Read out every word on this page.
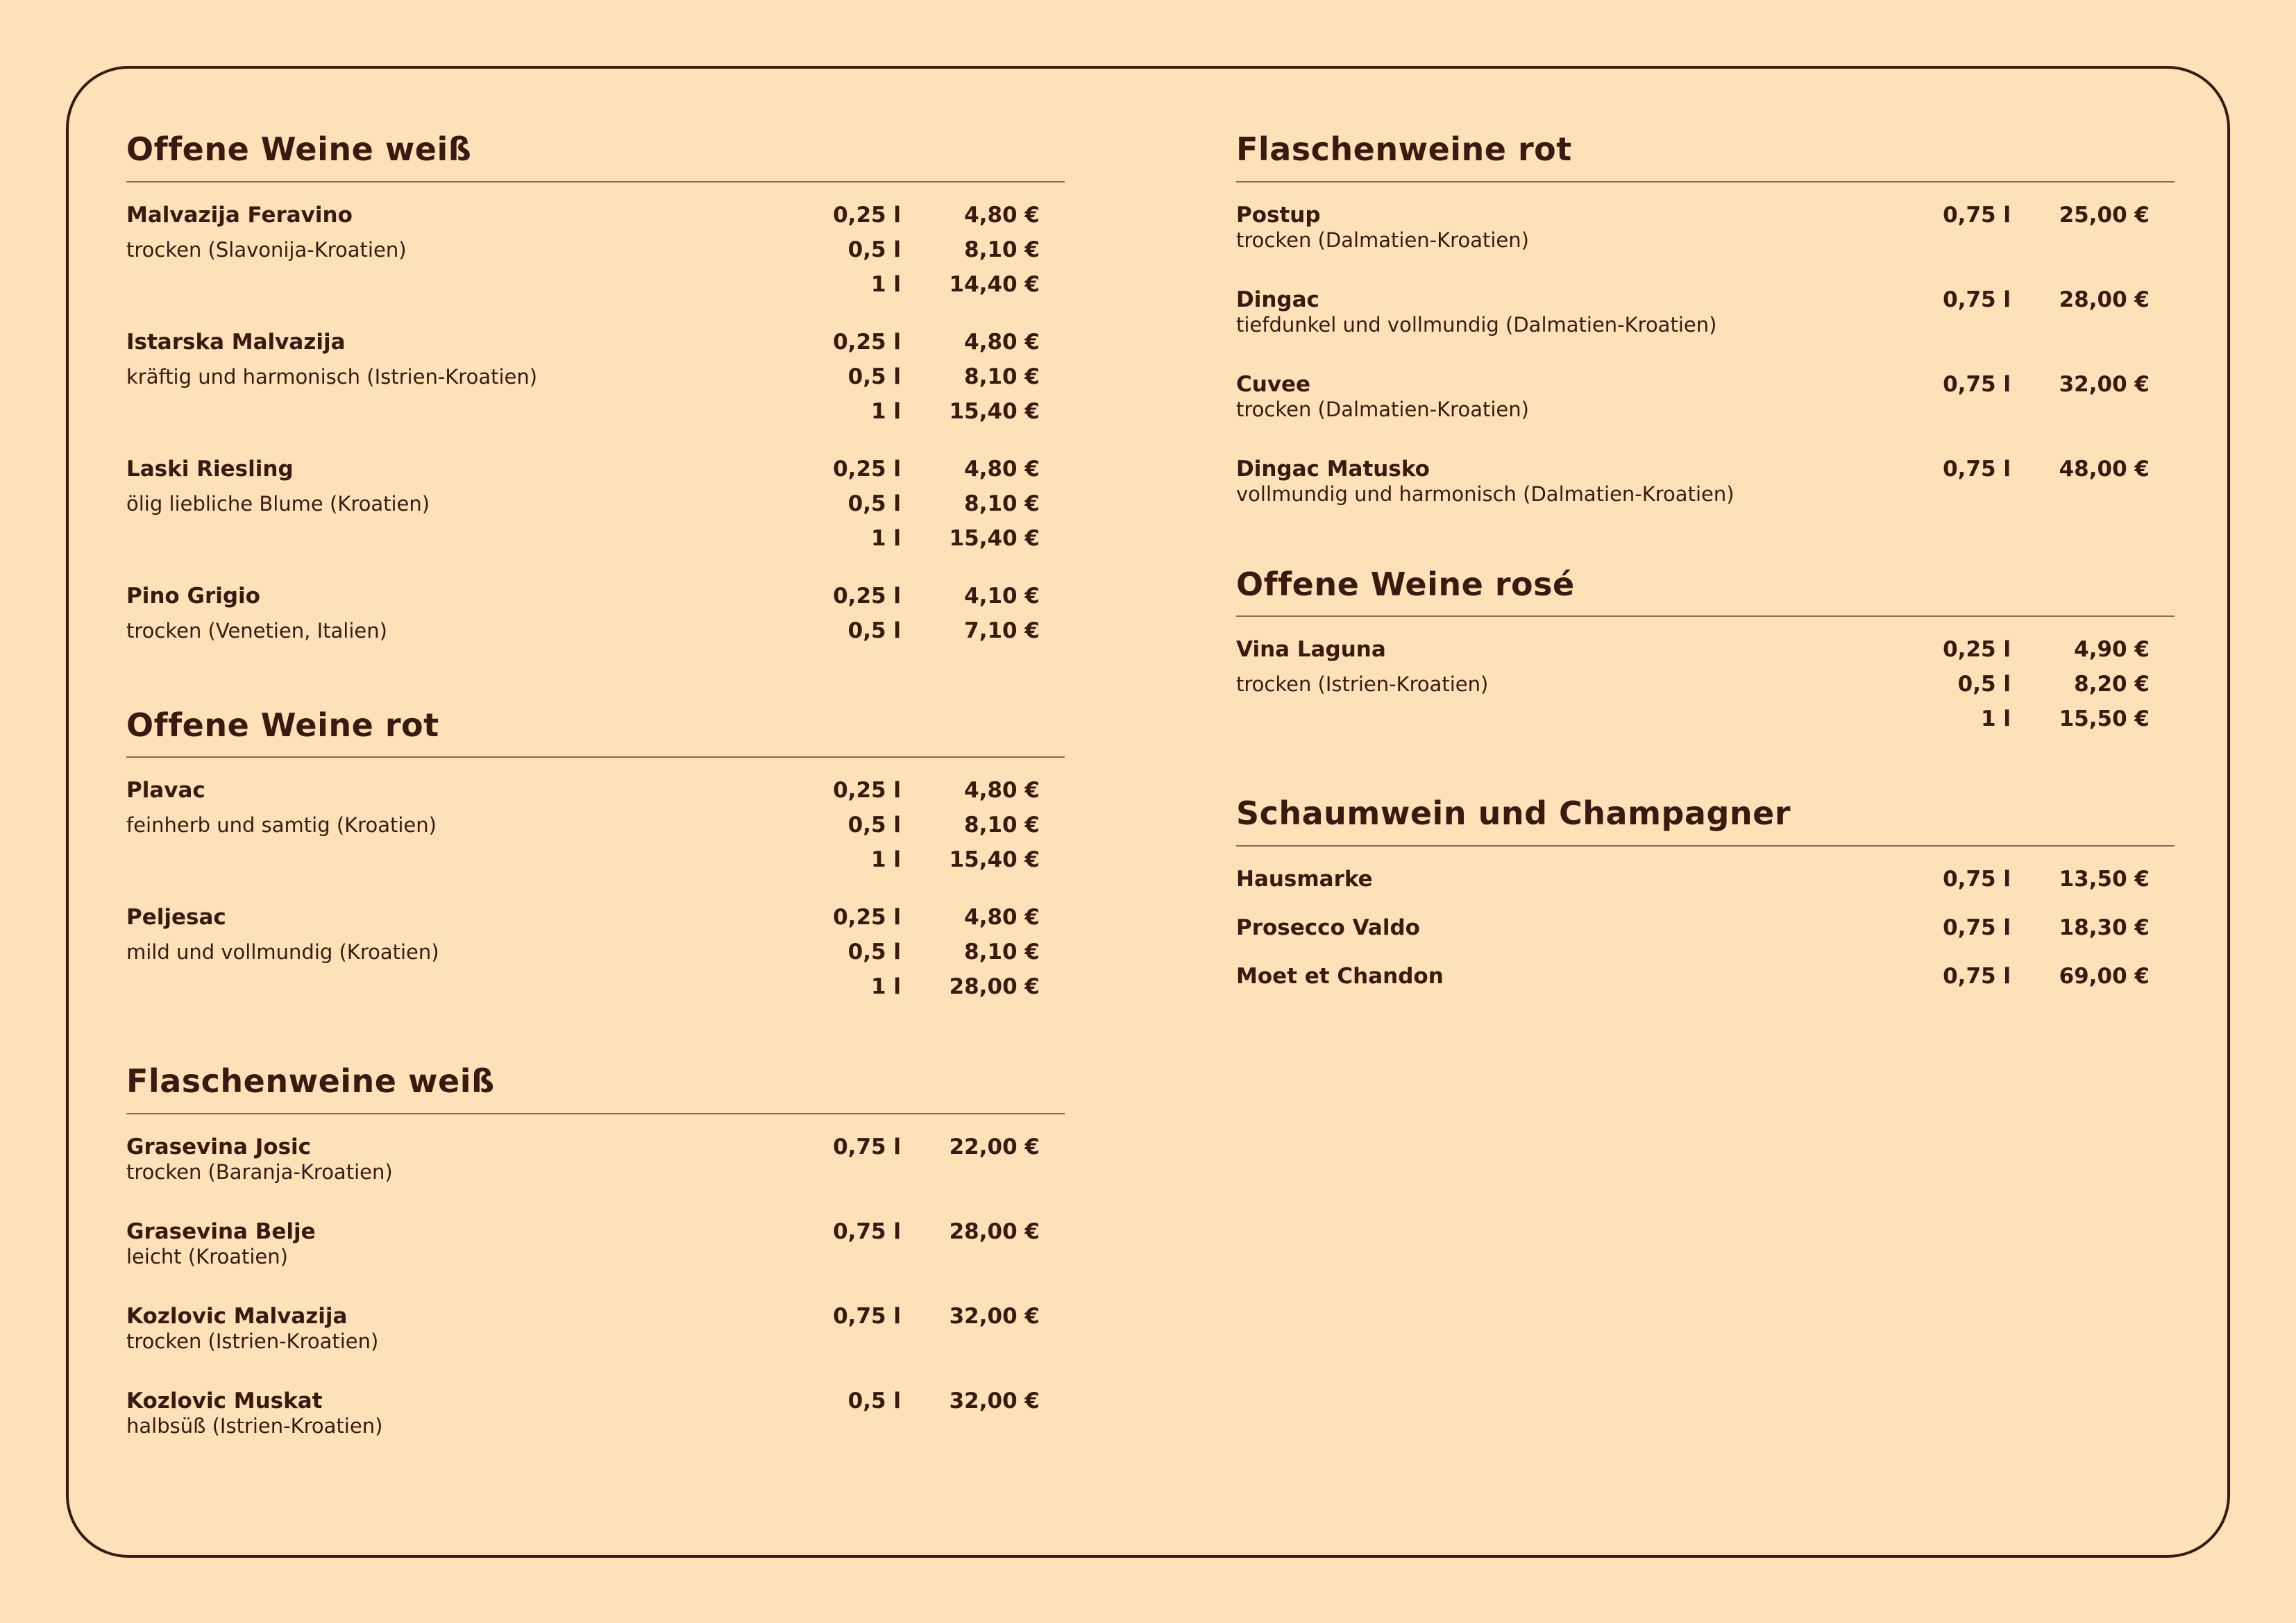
Offene Weine weiß
Malvazija Feravino
trocken (Slavonija-Kroatien)
0,25 l	4,80 €
0,5 l	8,10 €
1 l 14,40 €
Istarska Malvazija
kräftig und harmonisch (Istrien-Kroatien)
0,25 l	4,80 €
0,5 l	8,10 €
1 l 15,40 €
Laski Riesling
ölig liebliche Blume (Kroatien)
0,25 l	4,80 €
0,5 l	8,10 €
1 l 15,40 €
Pino Grigio
trocken (Venetien, Italien)
0,25 l	4,10 €
0,5 l	7,10 €
Offene Weine rot
Plavac
feinherb und samtig (Kroatien)
0,25 l	4,80 €
0,5 l	8,10 €
1 l 15,40 €
Peljesac
mild und vollmundig (Kroatien)
0,25 l	4,80 €
0,5 l	8,10 €
1 l 28,00 €
Flaschenweine weiß
Grasevina Josic
trocken (Baranja-Kroatien)
0,75 l 22,00 €
Grasevina Belje
leicht (Kroatien)
0,75 l 28,00 €
Kozlovic Malvazija
trocken (Istrien-Kroatien)
0,75 l 32,00 €
Kozlovic Muskat
halbsüß (Istrien-Kroatien)
0,5 l 32,00 €
Flaschenweine rot
Postup
trocken (Dalmatien-Kroatien)
0,75 l 25,00 €
Dingac
tiefdunkel und vollmundig (Dalmatien-Kroatien)
0,75 l 28,00 €
Cuvee
trocken (Dalmatien-Kroatien)
0,75 l 32,00 €
Dingac Matusko
vollmundig und harmonisch (Dalmatien-Kroatien)
0,75 l 48,00 €
Offene Weine rosé
Vina Laguna
trocken (Istrien-Kroatien)
0,25 l	4,90 €
0,5 l	8,20 €
1 l 15,50 €
Schaumwein und Champagner
Hausmarke	0,75 l 13,50 €
Prosecco Valdo	0,75 l 18,30 €
Moet et Chandon	0,75 l 69,00 €
